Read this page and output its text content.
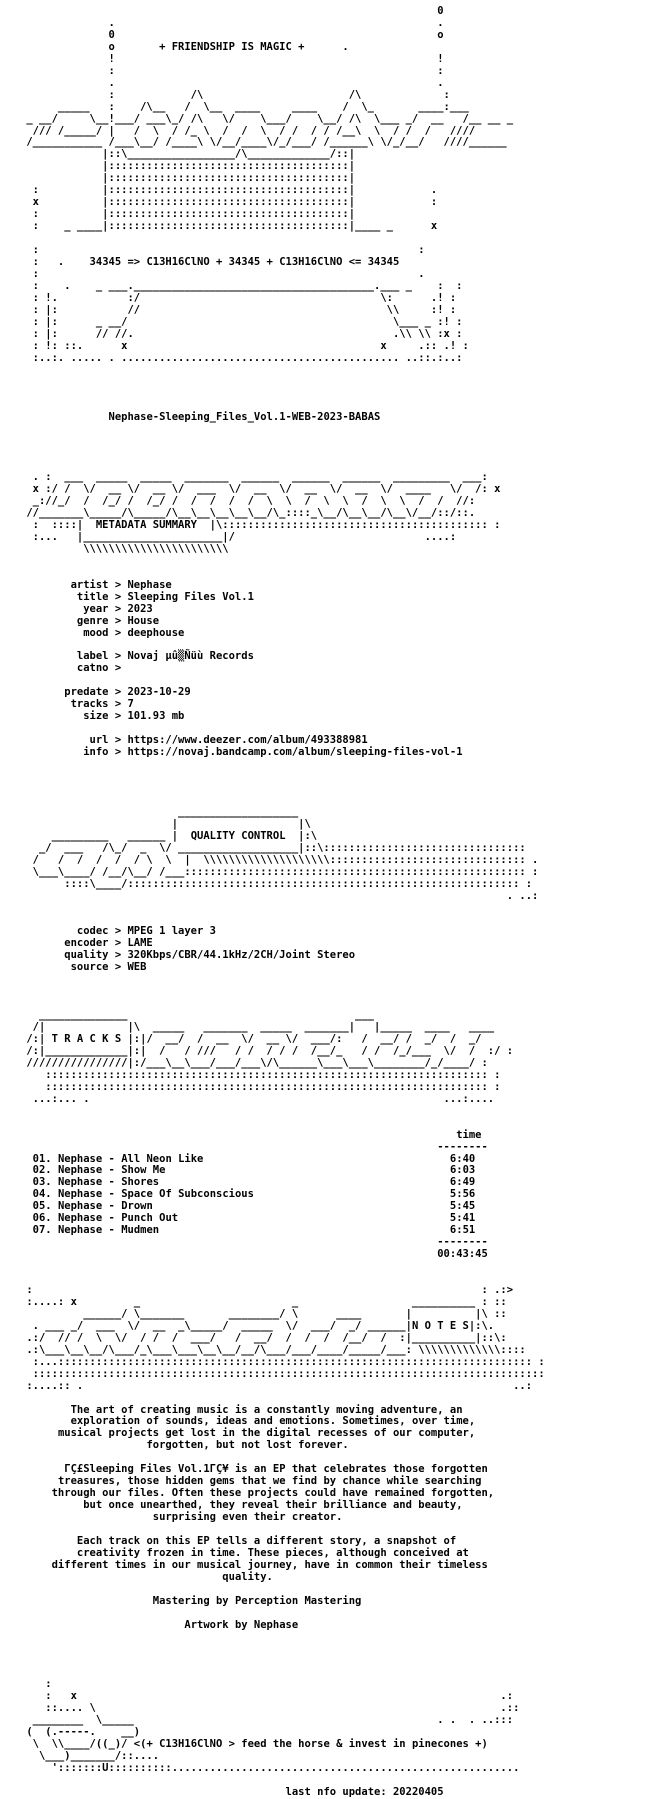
0
.                                                   .
0                                                   o
o       + FRIENDSHIP IS MAGIC +      .
!                                                   !
:                                                   :
.                                                   .
:            /\                       /\             :
_____   :    /\__   /  \__  ____     ____    /  \_       ____:___
_ __/     \__!___/ ___\_/ /\   \/    \___/    \__/ /\  \___ _/  __   /__ __ _
/// /_____/ |   /  \  / /_ \  /  /  \  / /  / / /__\  \  / /  /   ////
/___________ /___\__/ /____\ \/__/____\/_/___/ /______\ \/_/__/   ////______
|::\_________________/\_____________/::|
|::::::::::::::::::::::::::::::::::::::|
|::::::::::::::::::::::::::::::::::::::|
:          |::::::::::::::::::::::::::::::::::::::|            .
x          |::::::::::::::::::::::::::::::::::::::|            :
:          |::::::::::::::::::::::::::::::::::::::|
:    _ ____|::::::::::::::::::::::::::::::::::::::|____ _      x

:                                                            :
:   .    34345 => C13H16ClNO + 34345 + C13H16ClNO <= 34345
:                                                            .
:    .    _ ___.______________________________________.___ _    :  :
: !.           :/                                      \:      .! :
: |:           //                                       \\     :! :
: |:      _ __/                                          \___ _ :! :
: |:      // //.                                         .\\ \\ :x :
: !: ::.      x                                        x     .:: .! :
:..:. ..... . ............................................ ..::.:..:

Nephase-Sleeping_Files_Vol.1-WEB-2023-BABAS

. :  ___  _____  _____  _______  ______  ______  ______  _________  ___:
x :/ /  \/  __ \/  __ \/  ___  \/  __  \/  __  \/  __  \/  ____   \/  /: x
_://_/  /  /_/ /  /_/ /  /  /  /  /  \  \  /  \  \  /  \  \  /  /  //:
//_______\_____/\_____/\__\__\__\__\__/\_::::_\__/\__\__/\__\/__/::/::.
:  ::::|  METADATA SUMMARY  |\:::::::::::::::::::::::::::::::::::::::::: :
:...   |______________________|/                              ....:
\\\\\\\\\\\\\\\\\\\\\\\

artist > Nephase
title > Sleeping Files Vol.1
year > 2023
genre > House
mood > deephouse

label > Novaj µû▒Ñüù Records
catno >

predate > 2023-10-29
tracks > 7
size > 101.93 mb

url > https://www.deezer.com/album/493388981
info > https://novaj.bandcamp.com/album/sleeping-files-vol-1

___________________
|                   |\
_________   ______ |  QUALITY CONTROL  |:\
_/  ___   /\_/  _  \/ ___________________|::\::::::::::::::::::::::::::::::::
/   /  /  /  /  / \  \  |  \\\\\\\\\\\\\\\\\\\\::::::::::::::::::::::::::::::: .
\___\____/ /__/\__/ /___:::::::::::::::::::::::::::::::::::::::::::::::::::::: :
::::\____/:::::::::::::::::::::::::::::::::::::::::::::::::::::::::::::: :
. ..:

codec > MPEG 1 layer 3
encoder > LAME
quality > 320Kbps/CBR/44.1kHz/2CH/Joint Stereo
source > WEB

______________                                    ___
/|             |\  _____   _______  _____  _______|   |_____  ____   ____
/:| T R A C K S |:|/  __/  /  __  \/  __ \/  ___/:   /  __/ /  _/  /  _/
/:|_____________|:|  /   / ///   / /  / / /  /__/_   / /  /_/___  \/  /  :/ :
////////////////|:/___\__\___/___/___\/\______\___\___\________/_/____/ :
:::::::::::::::::::::::::::::::::::::::::::::::::::::::::::::::::::::: :
:::::::::::::::::::::::::::::::::::::::::::::::::::::::::::::::::::::: :
...:... .                                                        ...:....

time
--------
01. Nephase - All Neon Like	6:40
02. Nephase - Show Me	6:03
03. Nephase - Shores	6:49
04. Nephase - Space Of Subconscious	5:56
05. Nephase - Drown	5:45
06. Nephase - Punch Out	5:41
07. Nephase - Mudmen	6:51
--------
00:43:45

:                                                                       : .:>
:....: x         _                        _                  __________ : ::
______/ \_______       ________/ \      ____       |          |\ ::
. ___ _/  ___  \/  __  _\_____/  _____  \/  ___/  _/ ______|N O T E S|:\.
.:/  // /  \  \/  / /  /  ___/   /  __/  /  /  /  /__/  /  :|__________|::\:
.:\___\__\__/\___/_\___\___\__\__/__/\___/___/____/_____/___: \\\\\\\\\\\\\::::
:...::::::::::::::::::::::::::::::::::::::::::::::::::::::::::::::::::::::::::: :
:::::::::::::::::::::::::::::::::::::::::::::::::::::::::::::::::::::::::::::::::
:....:: .                                                                    ..:

The art of creating music is a constantly moving adventure, an
exploration of sounds, ideas and emotions. Sometimes, over time,
musical projects get lost in the digital recesses of our computer,
forgotten, but not lost forever.

ΓÇ£Sleeping Files Vol.1ΓÇ¥ is an EP that celebrates those forgotten
treasures, those hidden gems that we find by chance while searching
through our files. Often these projects could have remained forgotten,
but once unearthed, they reveal their brilliance and beauty,
surprising even their creator.

Each track on this EP tells a different story, a snapshot of
creativity frozen in time. These pieces, although conceived at
different times in our musical journey, have in common their timeless
quality.

Mastering by Perception Mastering

Artwork by Nephase

:
:   x                                                                   .:
::.... \                                                                .::
________  \_____                                                . .  . ..:::
(  (.-----.    __)
\  \\____/((_)/ <(+ C13H16ClNO > feed the horse & invest in pinecones +)
\___)_______/::....
':::::::U::::::::::.......................................................

last nfo update: 20220405
